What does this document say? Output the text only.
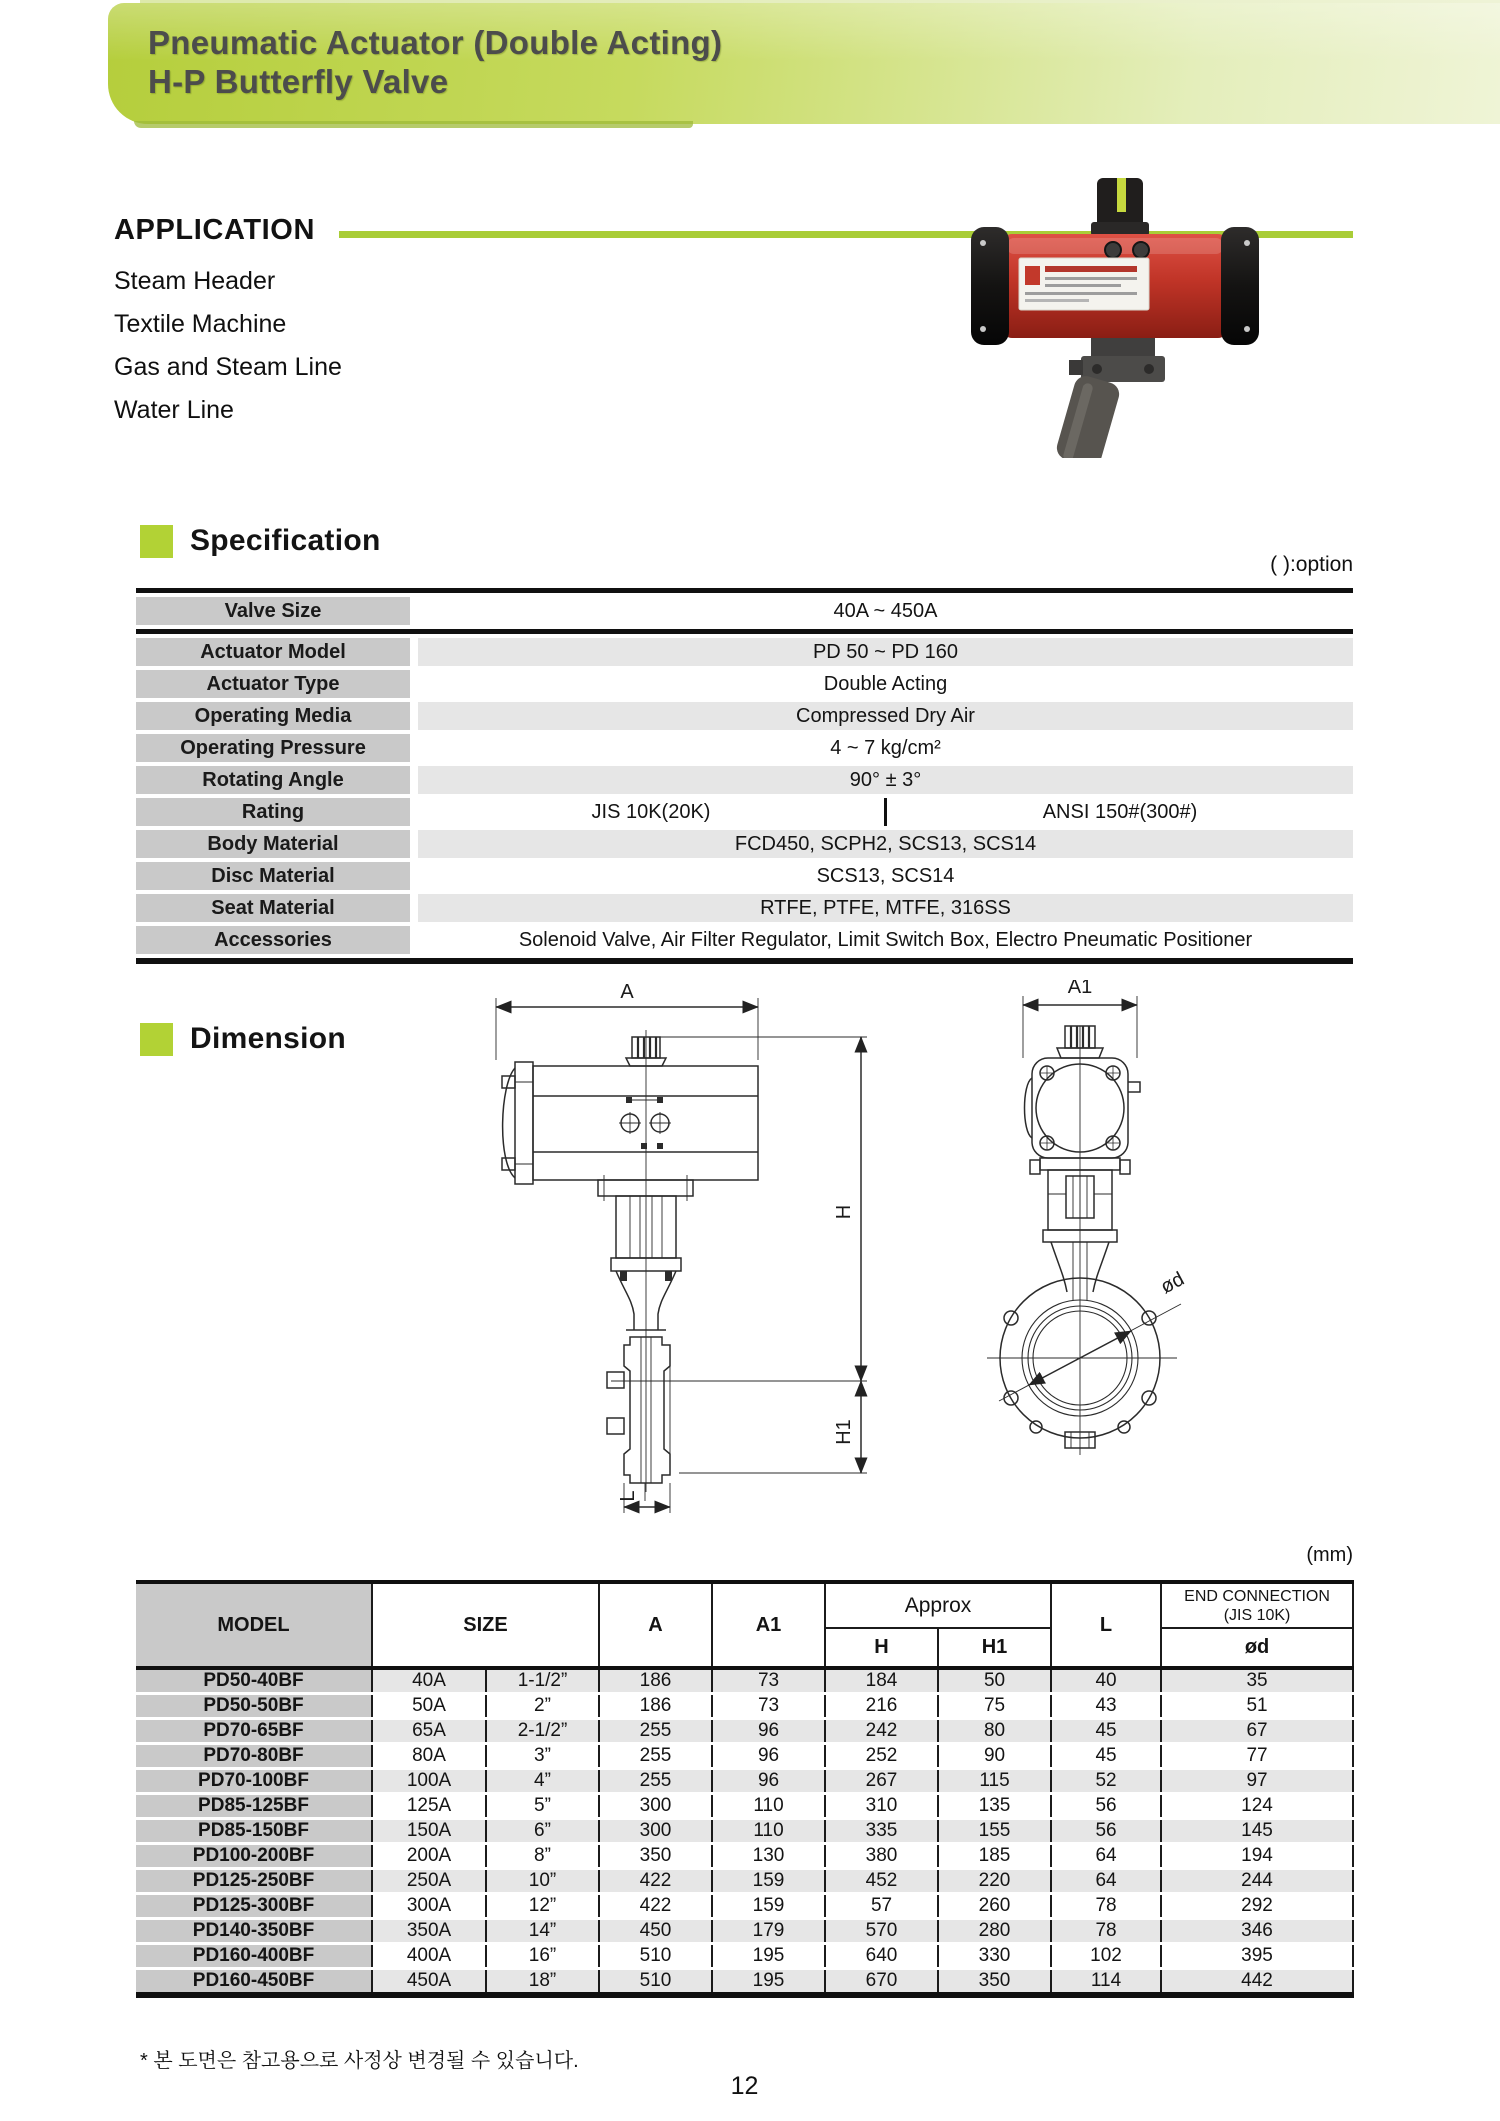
Pneumatic Actuator (Double Acting)
H-P Butterfly Valve
APPLICATION
Steam Header
Textile Machine
Gas and Steam Line
Water Line
Specification
( ):option
Valve Size	40A ~ 450A
Actuator Model	PD 50 ~ PD 160
Actuator Type	Double Acting
Operating Media	Compressed Dry Air
Operating Pressure	4 ~ 7 kg/cm²
Rotating Angle	90° ± 3°
Rating	JIS 10K(20K)	ANSI 150#(300#)
Body Material	FCD450, SCPH2, SCS13, SCS14
Disc Material	SCS13, SCS14
Seat Material	RTFE, PTFE, MTFE, 316SS
Accessories	Solenoid Valve, Air Filter Regulator, Limit Switch Box, Electro Pneumatic Positioner
Dimension
A
H
H1
L
A1
ød
(mm)
MODEL	SIZE		A	A1	Approx		L	END CONNECTION
(JIS 10K)
					H	H1		ød
PD50-40BF	40A	1-1/2”	186	73	184	50	40	35
PD50-50BF	50A	2”	186	73	216	75	43	51
PD70-65BF	65A	2-1/2”	255	96	242	80	45	67
PD70-80BF	80A	3”	255	96	252	90	45	77
PD70-100BF	100A	4”	255	96	267	115	52	97
PD85-125BF	125A	5”	300	110	310	135	56	124
PD85-150BF	150A	6”	300	110	335	155	56	145
PD100-200BF	200A	8”	350	130	380	185	64	194
PD125-250BF	250A	10”	422	159	452	220	64	244
PD125-300BF	300A	12”	422	159	57	260	78	292
PD140-350BF	350A	14”	450	179	570	280	78	346
PD160-400BF	400A	16”	510	195	640	330	102	395
PD160-450BF	450A	18”	510	195	670	350	114	442
* 본 도면은 참고용으로 사정상 변경될 수 있습니다.
12
